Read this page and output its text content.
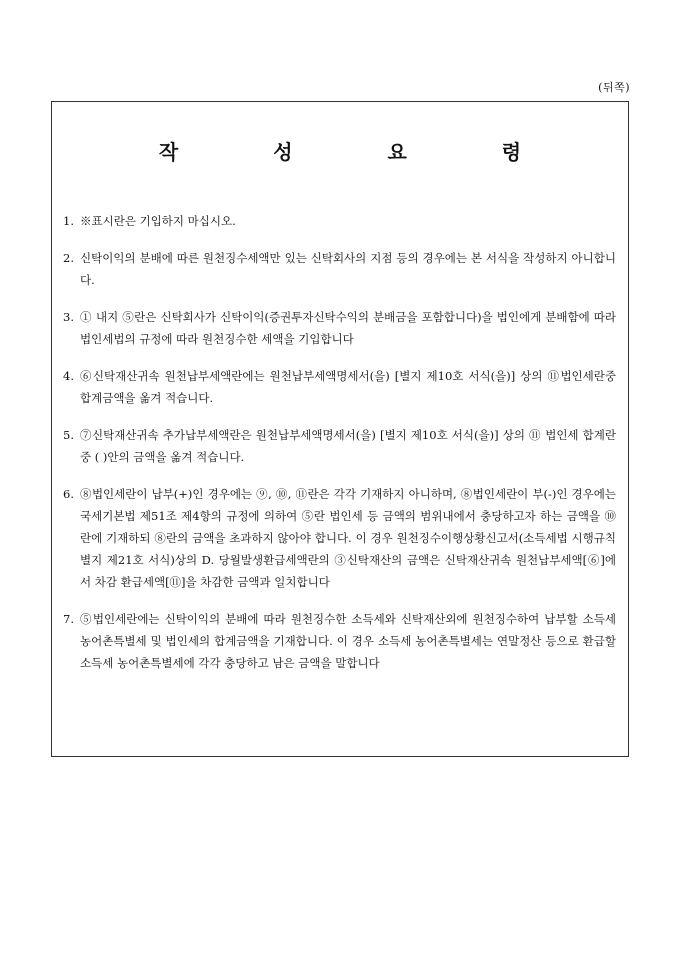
(뒤쪽)
작 성 요 령
1. ※표시란은 기입하지 마십시오.
2. 신탁이익의 분배에 따른 원천징수세액만 있는 신탁회사의 지점 등의 경우에는 본 서식을 작성하지 아니합니다.
3. ① 내지 ⑤란은 신탁회사가 신탁이익(증권투자신탁수익의 분배금을 포함합니다)을 법인에게 분배함에 따라 법인세법의 규정에 따라 원천징수한 세액을 기입합니다
4. ⑥신탁재산귀속 원천납부세액란에는 원천납부세액명세서(을) [별지 제10호 서식(을)] 상의 ⑪법인세란중 합계금액을 옮겨 적습니다.
5. ⑦신탁재산귀속 추가납부세액란은 원천납부세액명세서(을) [별지 제10호 서식(을)] 상의 ⑪ 법인세 합계란 중 ( )안의 금액을 옮겨 적습니다.
6. ⑧법인세란이 납부(+)인 경우에는 ⑨, ⑩, ⑪란은 각각 기재하지 아니하며, ⑧법인세란이 부(-)인 경우에는 국세기본법 제51조 제4항의 규정에 의하여 ⑤란 법인세 등 금액의 범위내에서 충당하고자 하는 금액을 ⑩란에 기재하되 ⑧란의 금액을 초과하지 않아야 합니다. 이 경우 원천징수이행상황신고서(소득세법 시행규칙 별지 제21호 서식)상의 D. 당월발생환급세액란의 ③신탁재산의 금액은 신탁재산귀속 원천납부세액[⑥]에서 차감 환급세액[⑪]을 차감한 금액과 일치합니다
7. ⑤법인세란에는 신탁이익의 분배에 따라 원천징수한 소득세와 신탁재산외에 원천징수하여 납부할 소득세 농어촌특별세 및 법인세의 합계금액을 기재합니다. 이 경우 소득세 농어촌특별세는 연말정산 등으로 환급할 소득세 농어촌특별세에 각각 충당하고 남은 금액을 말합니다
